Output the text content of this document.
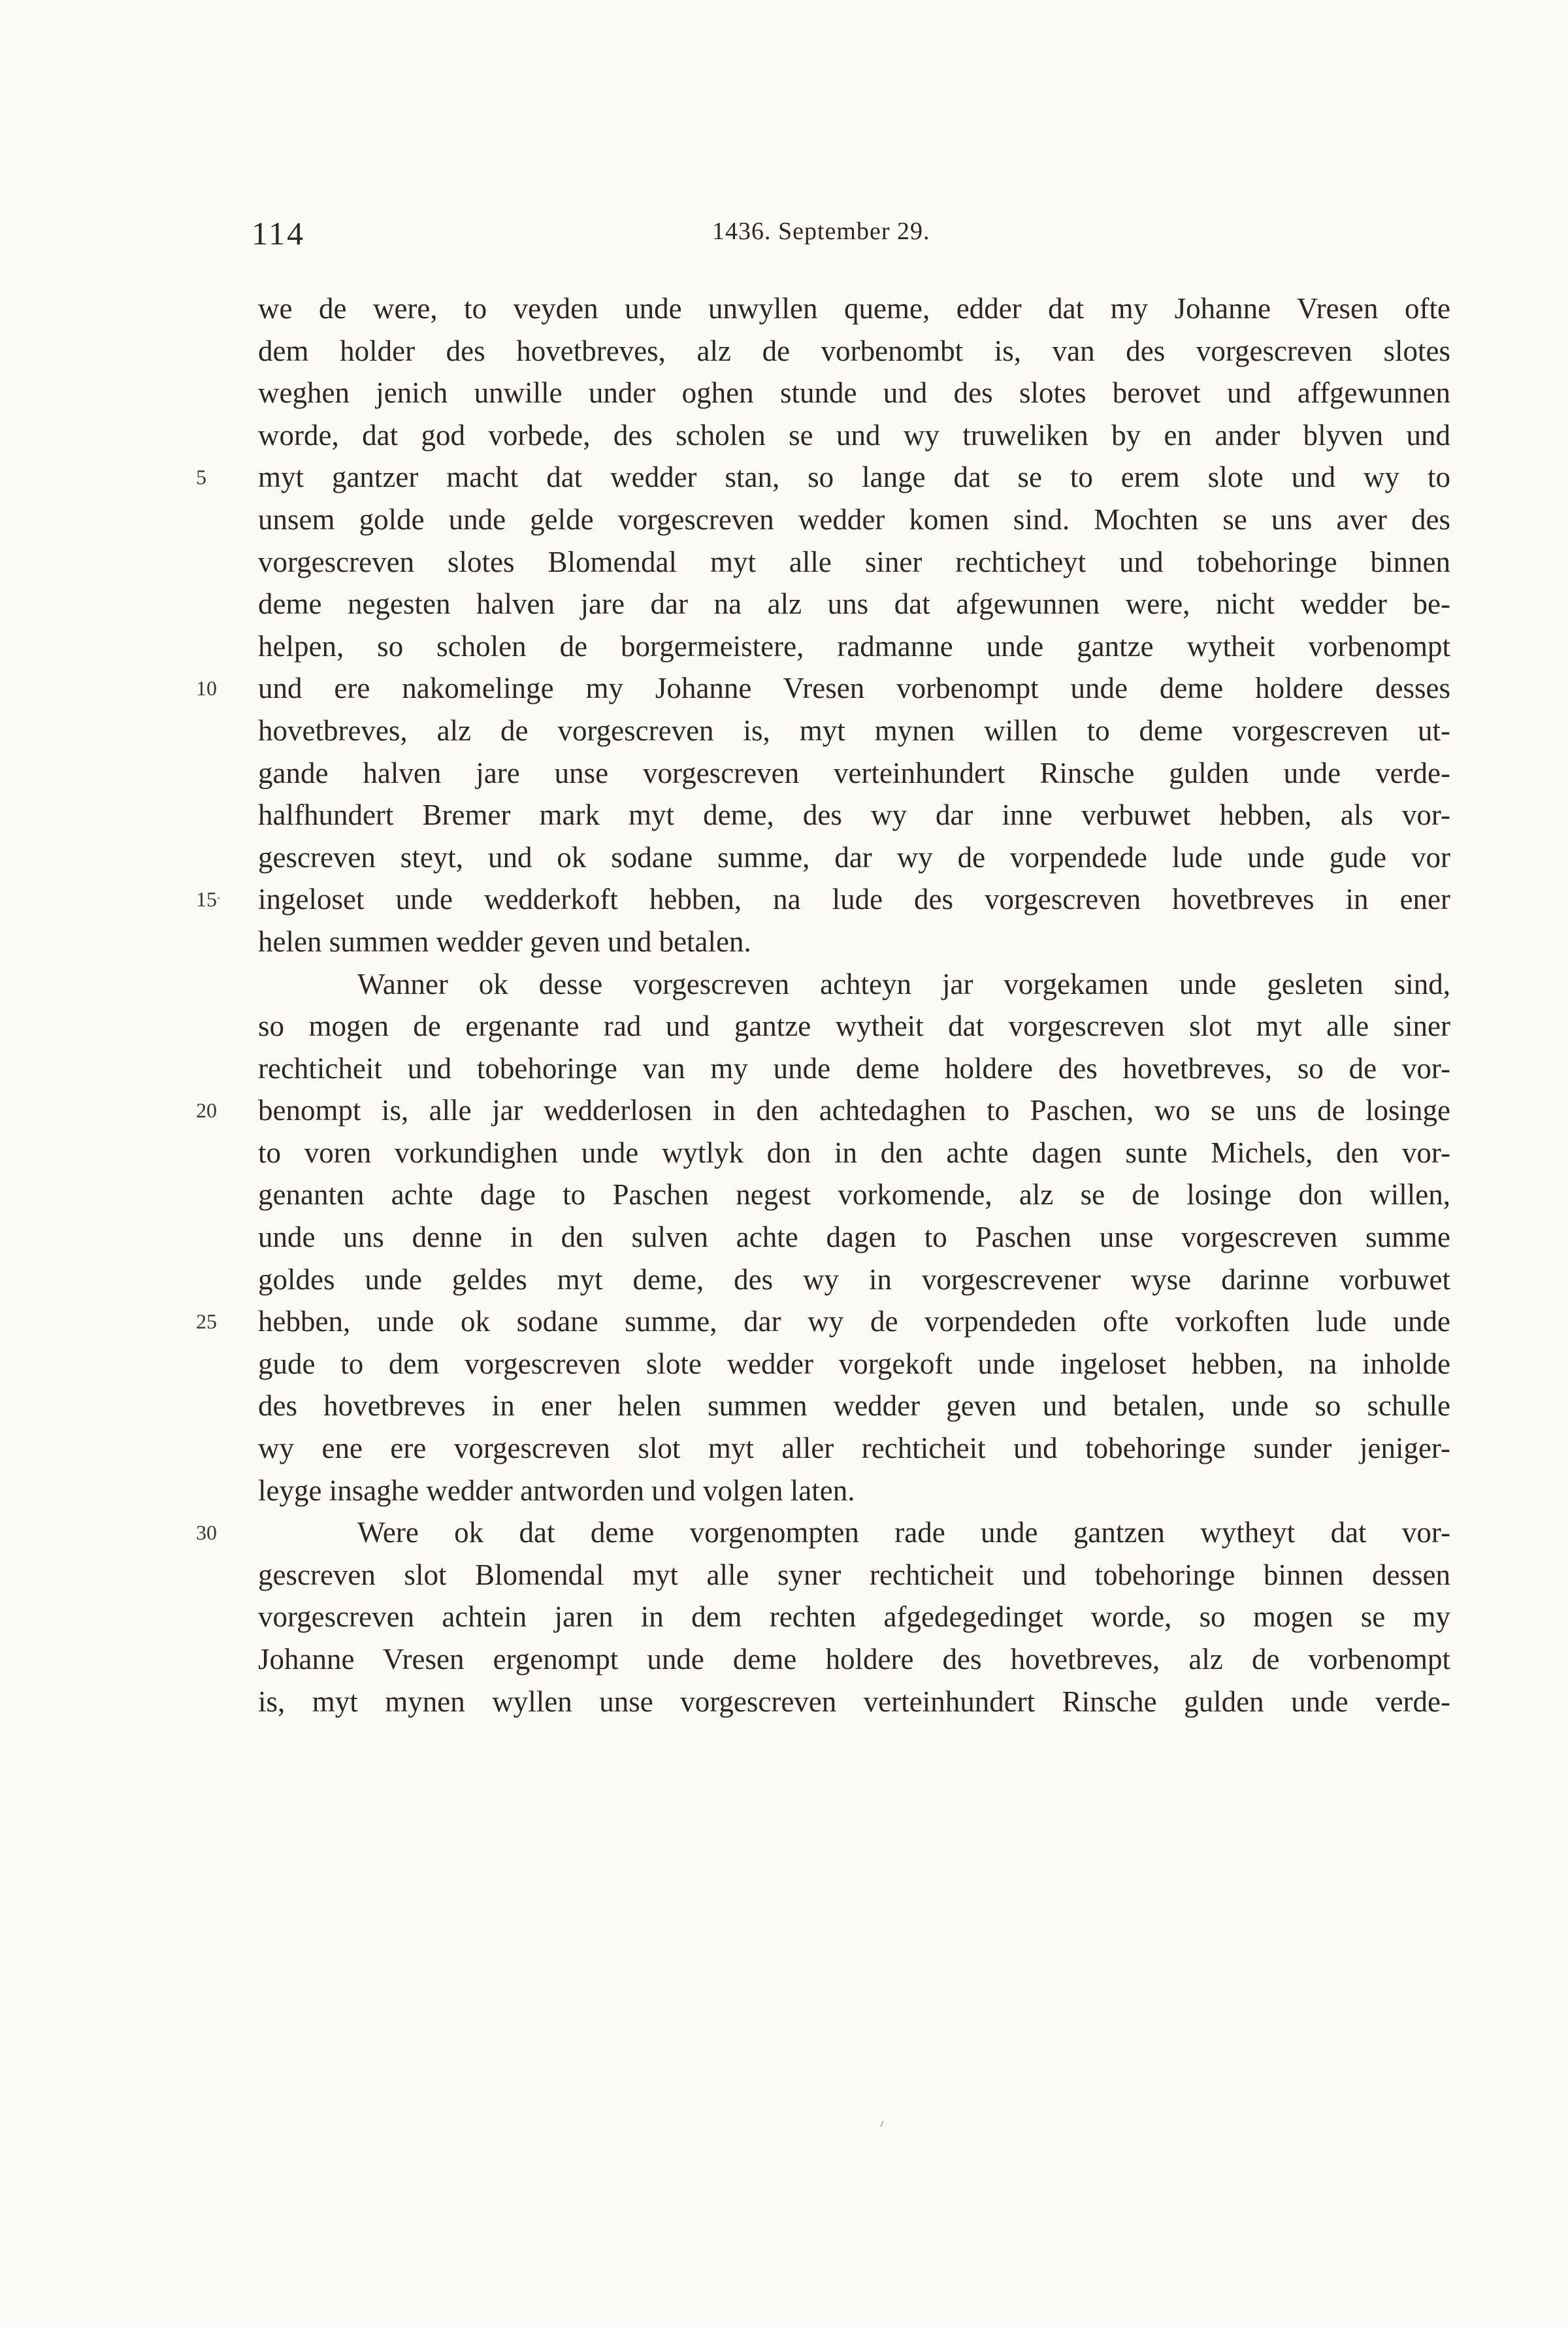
114	1436. September 29.
we de were, to veyden unde unwyllen queme, edder dat my Johanne Vresen ofte
dem holder des hovetbreves, alz de vorbenombt is, van des vorgescreven slotes
weghen jenich unwille under oghen stunde und des slotes berovet und affgewunnen
worde, dat god vorbede, des scholen se und wy truweliken by en ander blyven und
5	myt gantzer macht dat wedder stan, so lange dat se to erem slote und wy to
unsem golde unde gelde vorgescreven wedder komen sind. Mochten se uns aver des
vorgescreven slotes Blomendal myt alle siner rechticheyt und tobehoringe binnen
deme negesten halven jare dar na alz uns dat afgewunnen were, nicht wedder be-
helpen, so scholen de borgermeistere, radmanne unde gantze wytheit vorbenompt
10	und ere nakomelinge my Johanne Vresen vorbenompt unde deme holdere desses
hovetbreves, alz de vorgescreven is, myt mynen willen to deme vorgescreven ut-
gande halven jare unse vorgescreven verteinhundert Rinsche gulden unde verde-
halfhundert Bremer mark myt deme, des wy dar inne verbuwet hebben, als vor-
gescreven steyt, und ok sodane summe, dar wy de vorpendede lude unde gude vor
15	ingeloset unde wedderkoft hebben, na lude des vorgescreven hovetbreves in ener
helen summen wedder geven und betalen.
Wanner ok desse vorgescreven achteyn jar vorgekamen unde gesleten sind,
so mogen de ergenante rad und gantze wytheit dat vorgescreven slot myt alle siner
rechticheit und tobehoringe van my unde deme holdere des hovetbreves, so de vor-
20	benompt is, alle jar wedderlosen in den achtedaghen to Paschen, wo se uns de losinge
to voren vorkundighen unde wytlyk don in den achte dagen sunte Michels, den vor-
genanten achte dage to Paschen negest vorkomende, alz se de losinge don willen,
unde uns denne in den sulven achte dagen to Paschen unse vorgescreven summe
goldes unde geldes myt deme, des wy in vorgescrevener wyse darinne vorbuwet
25	hebben, unde ok sodane summe, dar wy de vorpendeden ofte vorkoften lude unde
gude to dem vorgescreven slote wedder vorgekoft unde ingeloset hebben, na inholde
des hovetbreves in ener helen summen wedder geven und betalen, unde so schulle
wy ene ere vorgescreven slot myt aller rechticheit und tobehoringe sunder jeniger-
leyge insaghe wedder antworden und volgen laten.
30	Were ok dat deme vorgenompten rade unde gantzen wytheyt dat vor-
gescreven slot Blomendal myt alle syner rechticheit und tobehoringe binnen dessen
vorgescreven achtein jaren in dem rechten afgedegedinget worde, so mogen se my
Johanne Vresen ergenompt unde deme holdere des hovetbreves, alz de vorbenompt
is, myt mynen wyllen unse vorgescreven verteinhundert Rinsche gulden unde verde-
